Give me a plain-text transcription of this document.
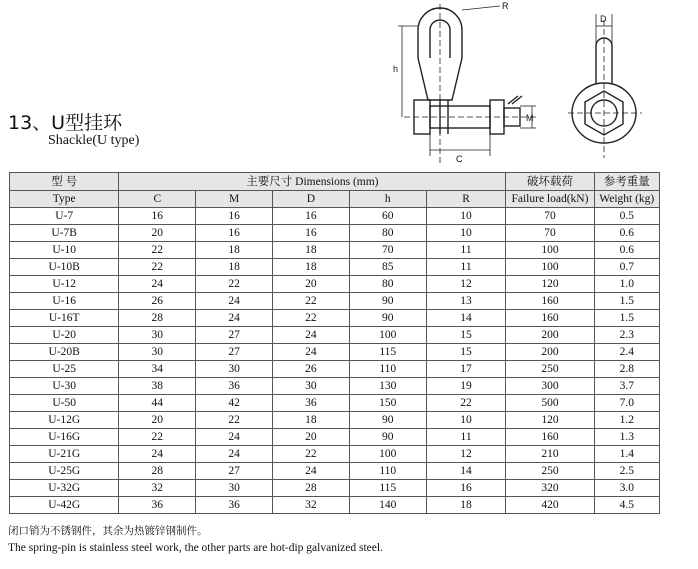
13、U型挂环
Shackle(U type)
R
h
M
C
D
型 号	主要尺寸 Dimensions (mm)					破坏载荷	参考重量
Type	C	M	D	h	R	Failure load(kN)	Weight (kg)
U-7	16	16	16	60	10	70	0.5
U-7B	20	16	16	80	10	70	0.6
U-10	22	18	18	70	11	100	0.6
U-10B	22	18	18	85	11	100	0.7
U-12	24	22	20	80	12	120	1.0
U-16	26	24	22	90	13	160	1.5
U-16T	28	24	22	90	14	160	1.5
U-20	30	27	24	100	15	200	2.3
U-20B	30	27	24	115	15	200	2.4
U-25	34	30	26	110	17	250	2.8
U-30	38	36	30	130	19	300	3.7
U-50	44	42	36	150	22	500	7.0
U-12G	20	22	18	90	10	120	1.2
U-16G	22	24	20	90	11	160	1.3
U-21G	24	24	22	100	12	210	1.4
U-25G	28	27	24	110	14	250	2.5
U-32G	32	30	28	115	16	320	3.0
U-42G	36	36	32	140	18	420	4.5
闭口销为不锈钢件，其余为热镀锌钢制件。
The spring-pin is stainless steel work, the other parts are hot-dip galvanized steel.
